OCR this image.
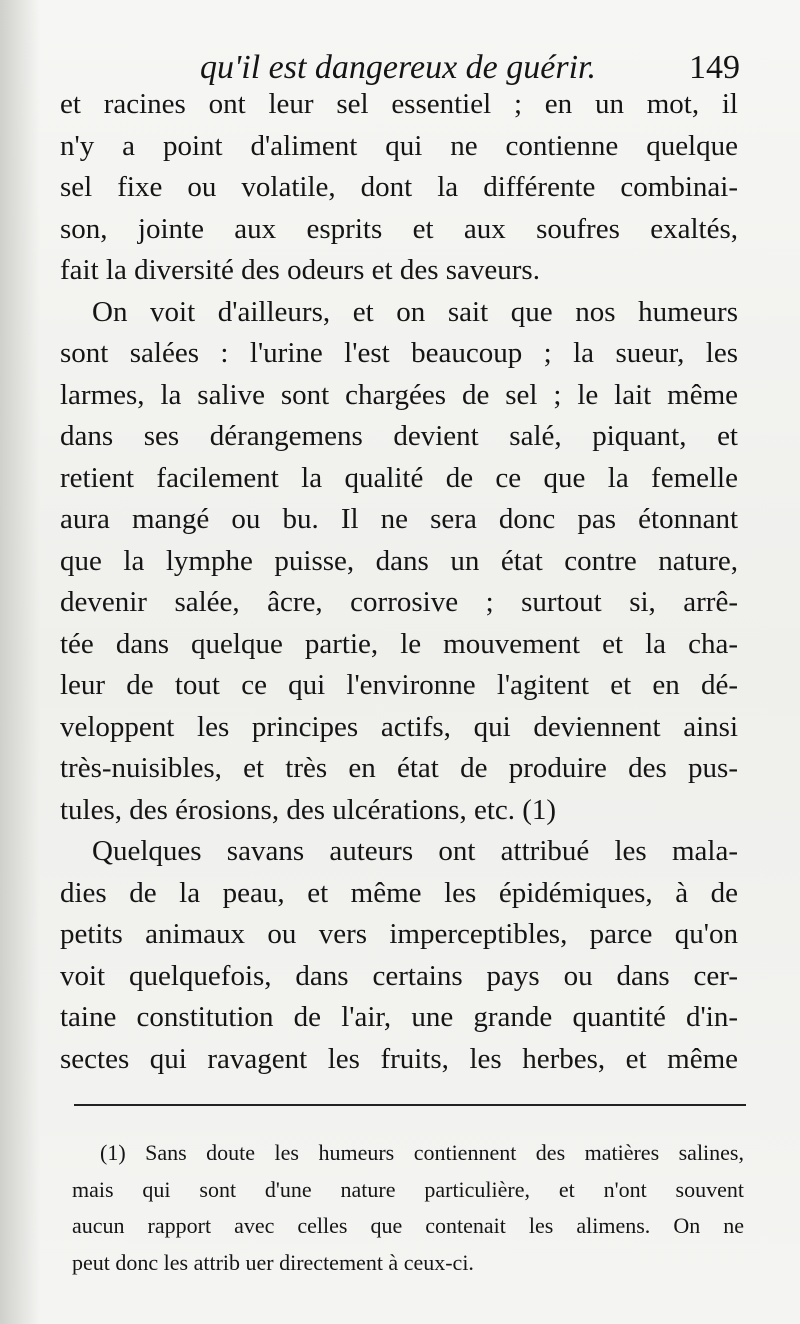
qu'il est dangereux de guérir.	149
et racines ont leur sel essentiel ; en un mot, il
n'y a point d'aliment qui ne contienne quelque
sel fixe ou volatile, dont la différente combinai-
son, jointe aux esprits et aux soufres exaltés,
fait la diversité des odeurs et des saveurs.
On voit d'ailleurs, et on sait que nos humeurs
sont salées : l'urine l'est beaucoup ; la sueur, les
larmes, la salive sont chargées de sel ; le lait même
dans ses dérangemens devient salé, piquant, et
retient facilement la qualité de ce que la femelle
aura mangé ou bu. Il ne sera donc pas étonnant
que la lymphe puisse, dans un état contre nature,
devenir salée, âcre, corrosive ; surtout si, arrê-
tée dans quelque partie, le mouvement et la cha-
leur de tout ce qui l'environne l'agitent et en dé-
veloppent les principes actifs, qui deviennent ainsi
très-nuisibles, et très en état de produire des pus-
tules, des érosions, des ulcérations, etc. (1)
Quelques savans auteurs ont attribué les mala-
dies de la peau, et même les épidémiques, à de
petits animaux ou vers imperceptibles, parce qu'on
voit quelquefois, dans certains pays ou dans cer-
taine constitution de l'air, une grande quantité d'in-
sectes qui ravagent les fruits, les herbes, et même
(1) Sans doute les humeurs contiennent des matières salines,
mais qui sont d'une nature particulière, et n'ont souvent
aucun rapport avec celles que contenait les alimens. On ne
peut donc les attrib uer directement à ceux-ci.
